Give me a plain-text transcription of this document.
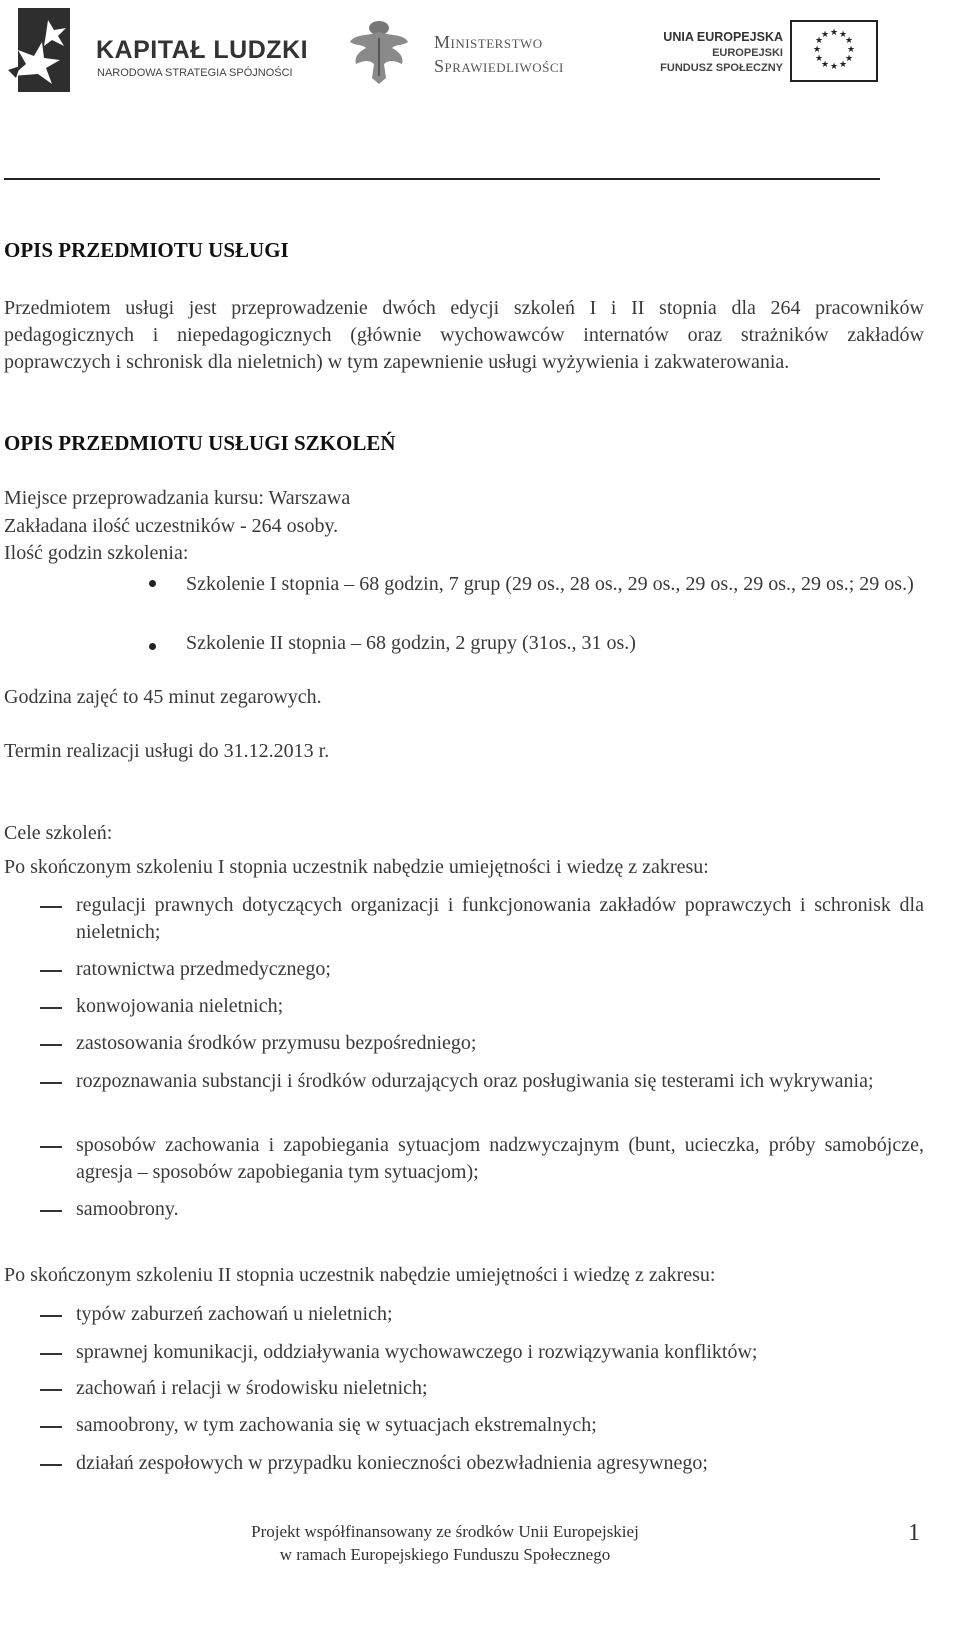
KAPITAŁ LUDZKI
NARODOWA STRATEGIA SPÓJNOŚCI
Ministerstwo
Sprawiedliwości
UNIA EUROPEJSKA
EUROPEJSKI
FUNDUSZ SPOŁECZNY
★ ★
★
★
★
★
★
★
★
★
★
★
OPIS PRZEDMIOTU USŁUGI
Przedmiotem usługi jest przeprowadzenie dwóch edycji szkoleń I i II stopnia dla 264 pracowników pedagogicznych i niepedagogicznych (głównie wychowawców internatów oraz strażników zakładów poprawczych i schronisk dla nieletnich) w tym zapewnienie usługi wyżywienia i zakwaterowania.
OPIS PRZEDMIOTU USŁUGI SZKOLEŃ
Miejsce przeprowadzania kursu: Warszawa
Zakładana ilość uczestników - 264 osoby.
Ilość godzin szkolenia:
Szkolenie I stopnia – 68 godzin, 7 grup (29 os., 28 os., 29 os., 29 os., 29 os., 29 os.; 29 os.)
Szkolenie II stopnia – 68 godzin, 2 grupy (31os., 31 os.)
Godzina zajęć to 45 minut zegarowych.
Termin realizacji usługi do 31.12.2013 r.
Cele szkoleń:
Po skończonym szkoleniu I stopnia uczestnik nabędzie umiejętności i wiedzę z zakresu:
regulacji prawnych dotyczących organizacji i funkcjonowania zakładów poprawczych i schronisk dla nieletnich;
ratownictwa przedmedycznego;
konwojowania nieletnich;
zastosowania środków przymusu bezpośredniego;
rozpoznawania substancji i środków odurzających oraz posługiwania się testerami ich wykrywania;
sposobów zachowania i zapobiegania sytuacjom nadzwyczajnym (bunt, ucieczka, próby samobójcze, agresja – sposobów zapobiegania tym sytuacjom);
samoobrony.
Po skończonym szkoleniu II stopnia uczestnik nabędzie umiejętności i wiedzę z zakresu:
typów zaburzeń zachowań u nieletnich;
sprawnej komunikacji, oddziaływania wychowawczego i rozwiązywania konfliktów;
zachowań i relacji w środowisku nieletnich;
samoobrony, w tym zachowania się w sytuacjach ekstremalnych;
działań zespołowych w przypadku konieczności obezwładnienia agresywnego;
Projekt współfinansowany ze środków Unii Europejskiej
w ramach Europejskiego Funduszu Społecznego
1
